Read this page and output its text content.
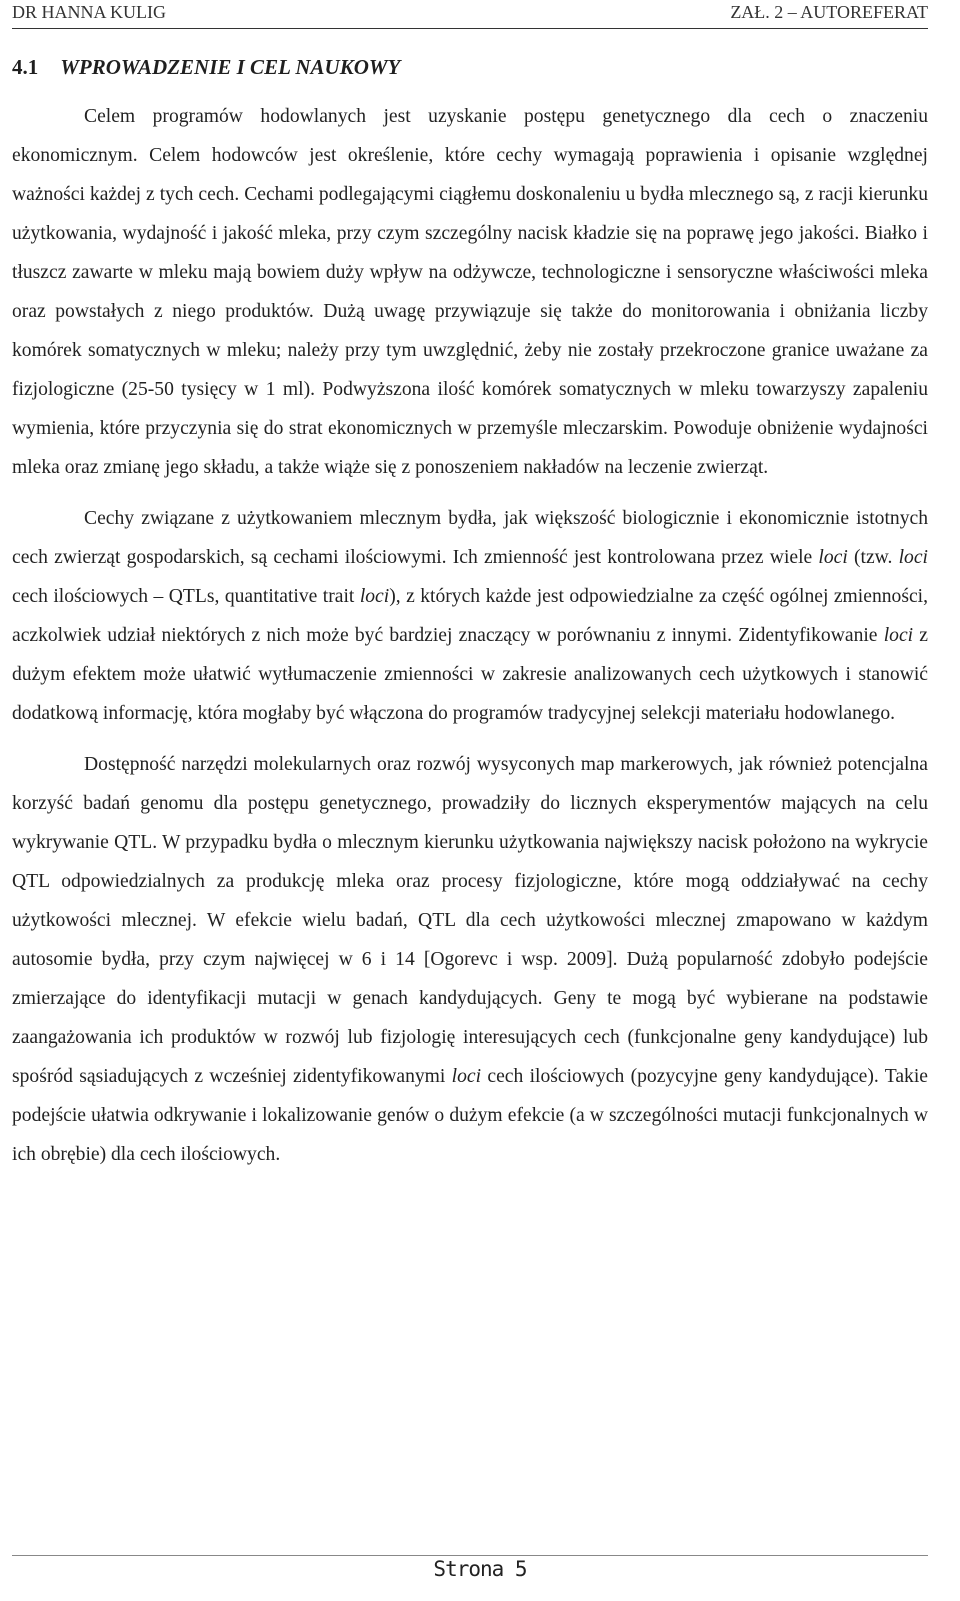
DR HANNA KULIG	ZAŁ. 2 – AUTOREFERAT
4.1 WPROWADZENIE I CEL NAUKOWY

Celem programów hodowlanych jest uzyskanie postępu genetycznego dla cech o znaczeniu ekonomicznym. Celem hodowców jest określenie, które cechy wymagają poprawienia i opisanie względnej ważności każdej z tych cech. Cechami podlegającymi ciągłemu doskonaleniu u bydła mlecznego są, z racji kierunku użytkowania, wydajność i jakość mleka, przy czym szczególny nacisk kładzie się na poprawę jego jakości. Białko i tłuszcz zawarte w mleku mają bowiem duży wpływ na odżywcze, technologiczne i sensoryczne właściwości mleka oraz powstałych z niego produktów. Dużą uwagę przywiązuje się także do monitorowania i obniżania liczby komórek somatycznych w mleku; należy przy tym uwzględnić, żeby nie zostały przekroczone granice uważane za fizjologiczne (25-50 tysięcy w 1 ml). Podwyższona ilość komórek somatycznych w mleku towarzyszy zapaleniu wymienia, które przyczynia się do strat ekonomicznych w przemyśle mleczarskim. Powoduje obniżenie wydajności mleka oraz zmianę jego składu, a także wiąże się z ponoszeniem nakładów na leczenie zwierząt.

Cechy związane z użytkowaniem mlecznym bydła, jak większość biologicznie i ekonomicznie istotnych cech zwierząt gospodarskich, są cechami ilościowymi. Ich zmienność jest kontrolowana przez wiele loci (tzw. loci cech ilościowych – QTLs, quantitative trait loci), z których każde jest odpowiedzialne za część ogólnej zmienności, aczkolwiek udział niektórych z nich może być bardziej znaczący w porównaniu z innymi. Zidentyfikowanie loci z dużym efektem może ułatwić wytłumaczenie zmienności w zakresie analizowanych cech użytkowych i stanowić dodatkową informację, która mogłaby być włączona do programów tradycyjnej selekcji materiału hodowlanego.

Dostępność narzędzi molekularnych oraz rozwój wysyconych map markerowych, jak również potencjalna korzyść badań genomu dla postępu genetycznego, prowadziły do licznych eksperymentów mających na celu wykrywanie QTL. W przypadku bydła o mlecznym kierunku użytkowania największy nacisk położono na wykrycie QTL odpowiedzialnych za produkcję mleka oraz procesy fizjologiczne, które mogą oddziaływać na cechy użytkowości mlecznej. W efekcie wielu badań, QTL dla cech użytkowości mlecznej zmapowano w każdym autosomie bydła, przy czym najwięcej w 6 i 14 [Ogorevc i wsp. 2009]. Dużą popularność zdobyło podejście zmierzające do identyfikacji mutacji w genach kandydujących. Geny te mogą być wybierane na podstawie zaangażowania ich produktów w rozwój lub fizjologię interesujących cech (funkcjonalne geny kandydujące) lub spośród sąsiadujących z wcześniej zidentyfikowanymi loci cech ilościowych (pozycyjne geny kandydujące). Takie podejście ułatwia odkrywanie i lokalizowanie genów o dużym efekcie (a w szczególności mutacji funkcjonalnych w ich obrębie) dla cech ilościowych.

Strona 5
